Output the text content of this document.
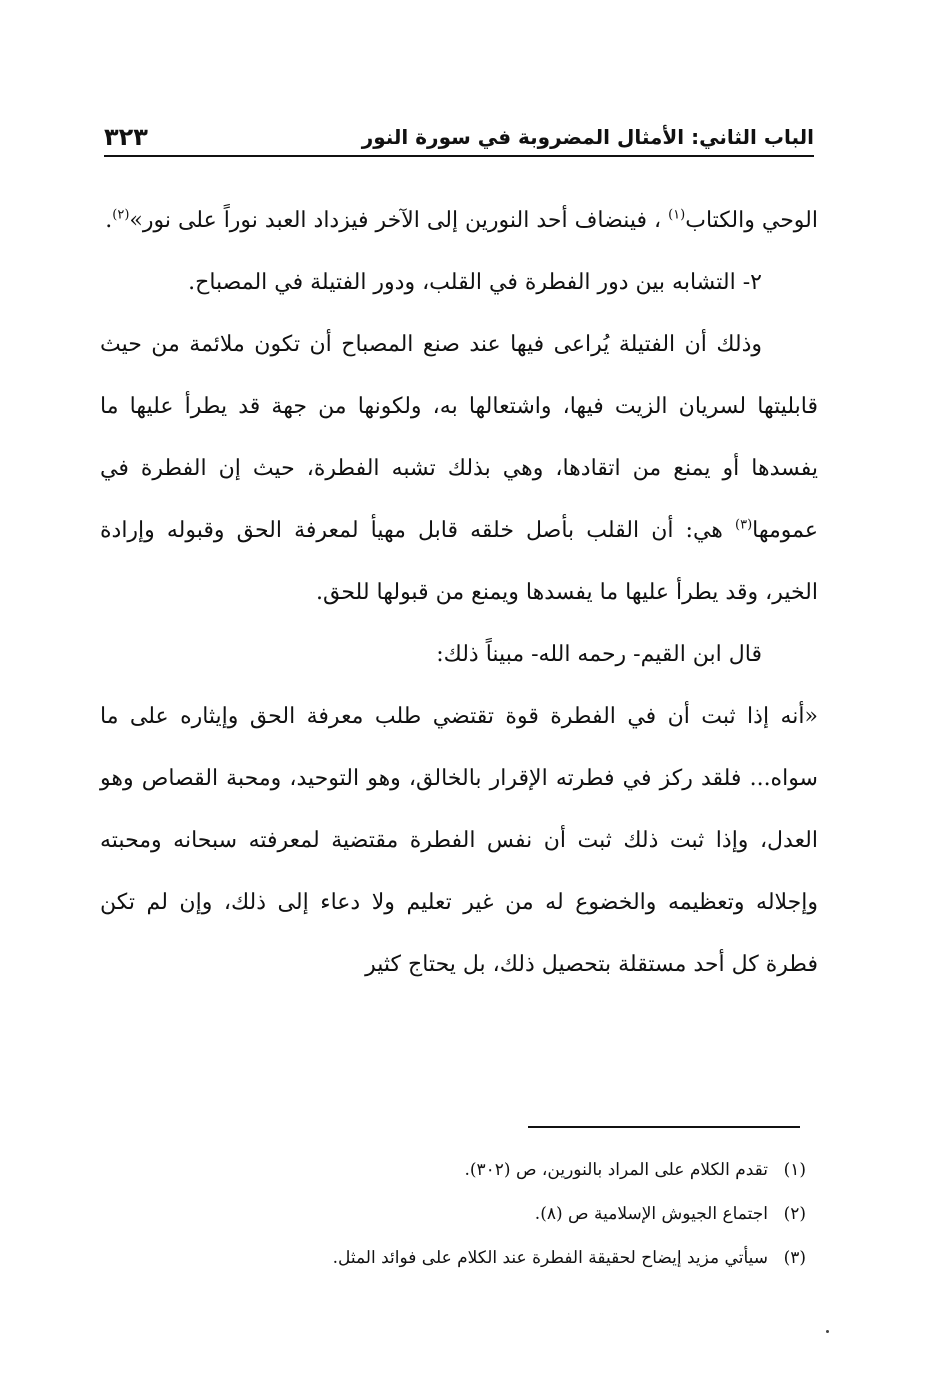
الباب الثاني: الأمثال المضروبة في سورة النور
٣٢٣

الوحي والكتاب$^{(١)}$ ، فينضاف أحد النورين إلى الآخر فيزداد العبد نوراً على نور»$^{(٢)}$.

٢- التشابه بين دور الفطرة في القلب، ودور الفتيلة في المصباح.

وذلك أن الفتيلة يُراعى فيها عند صنع المصباح أن تكون ملائمة من حيث قابليتها لسريان الزيت فيها، واشتعالها به، ولكونها من جهة قد يطرأ عليها ما يفسدها أو يمنع من اتقادها، وهي بذلك تشبه الفطرة، حيث إن الفطرة في عمومها$^{(٣)}$ هي: أن القلب بأصل خلقه قابل مهيأ لمعرفة الحق وقبوله وإرادة الخير، وقد يطرأ عليها ما يفسدها ويمنع من قبولها للحق.

قال ابن القيم- رحمه الله- مبيناً ذلك:

«أنه إذا ثبت أن في الفطرة قوة تقتضي طلب معرفة الحق وإيثاره على ما سواه... فلقد ركز في فطرته الإقرار بالخالق، وهو التوحيد، ومحبة القصاص وهو العدل، وإذا ثبت ذلك ثبت أن نفس الفطرة مقتضية لمعرفته سبحانه ومحبته وإجلاله وتعظيمه والخضوع له من غير تعليم ولا دعاء إلى ذلك، وإن لم تكن فطرة كل أحد مستقلة بتحصيل ذلك، بل يحتاج كثير

(١)تقدم الكلام على المراد بالنورين، ص (٣٠٢).
(٢)اجتماع الجيوش الإسلامية ص (٨).
(٣)سيأتي مزيد إيضاح لحقيقة الفطرة عند الكلام على فوائد المثل.
